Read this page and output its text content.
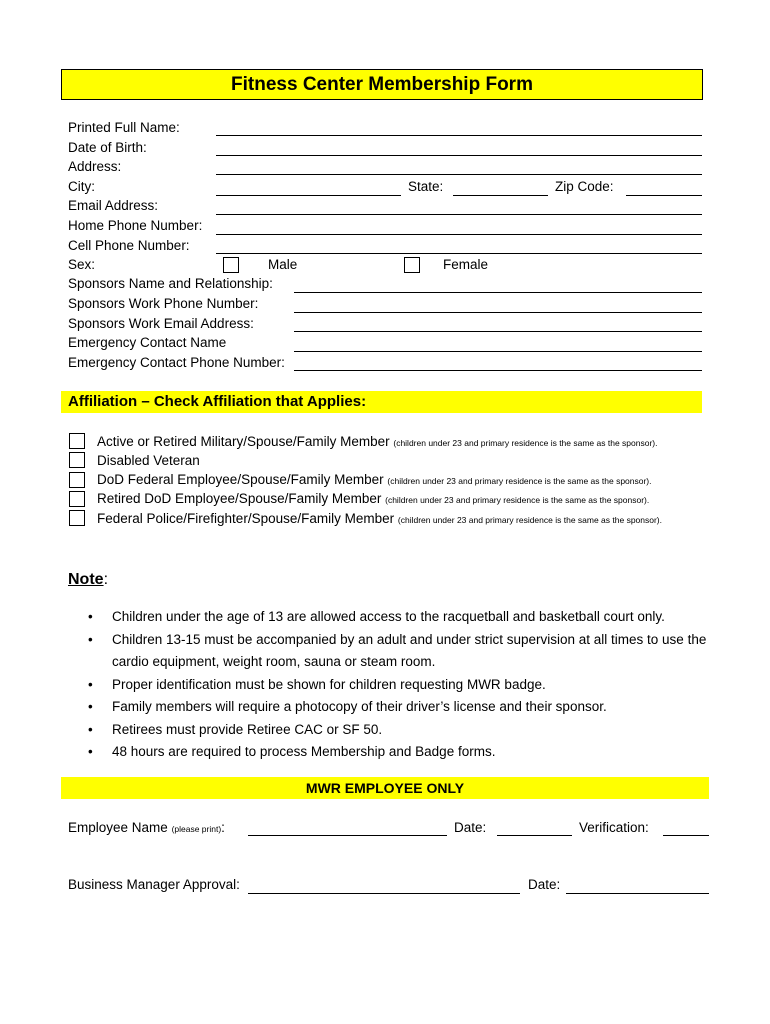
Fitness Center Membership Form
Printed Full Name:
Date of Birth:
Address:
City:	State:	Zip Code:
Email Address:
Home Phone Number:
Cell Phone Number:
Sex:	Male	Female
Sponsors Name and Relationship:
Sponsors Work Phone Number:
Sponsors Work Email Address:
Emergency Contact Name
Emergency Contact Phone Number:
Affiliation – Check Affiliation that Applies:
Active or Retired Military/Spouse/Family Member (children under 23 and primary residence is the same as the sponsor).
Disabled Veteran
DoD Federal Employee/Spouse/Family Member (children under 23 and primary residence is the same as the sponsor).
Retired DoD Employee/Spouse/Family Member (children under 23 and primary residence is the same as the sponsor).
Federal Police/Firefighter/Spouse/Family Member (children under 23 and primary residence is the same as the sponsor).
Note:
• Children under the age of 13 are allowed access to the racquetball and basketball court only.
• Children 13-15 must be accompanied by an adult and under strict supervision at all times to use the cardio equipment, weight room, sauna or steam room.
• Proper identification must be shown for children requesting MWR badge.
• Family members will require a photocopy of their driver’s license and their sponsor.
• Retirees must provide Retiree CAC or SF 50.
• 48 hours are required to process Membership and Badge forms.
MWR EMPLOYEE ONLY
Employee Name (please print):	Date:	Verification:
Business Manager Approval:	Date:
